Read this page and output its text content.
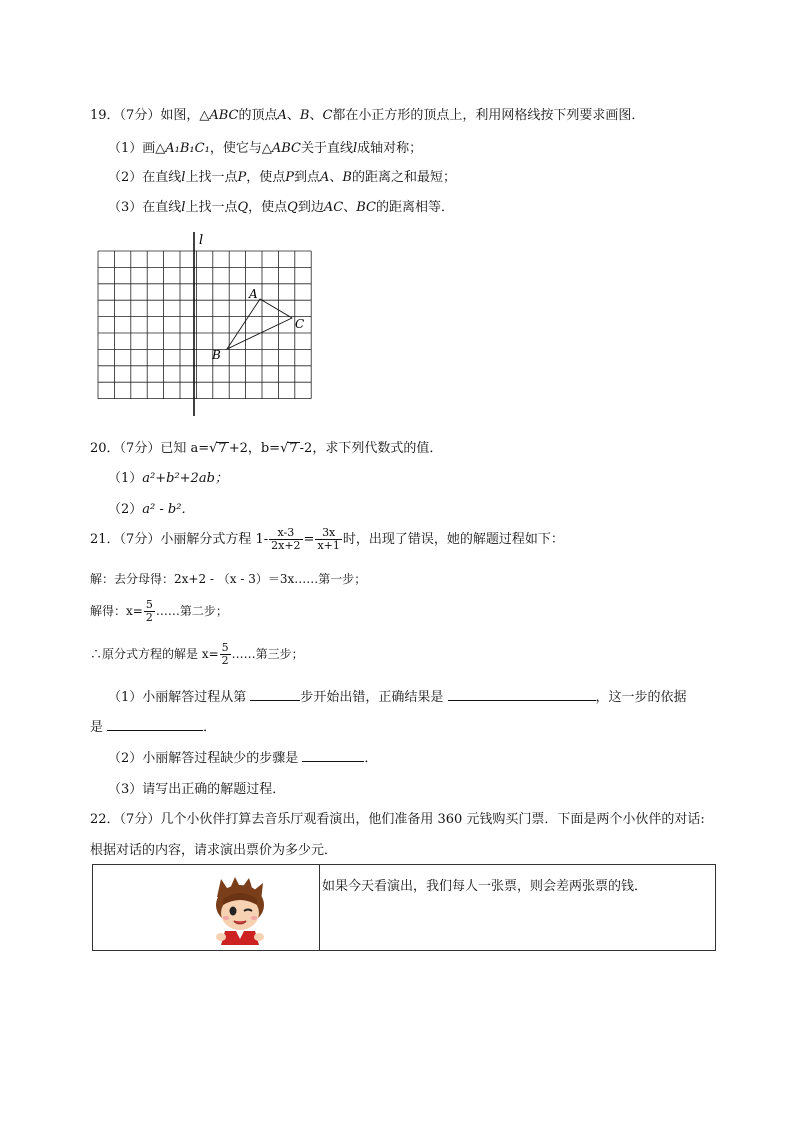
19．（7分）如图，△ABC的顶点A、B、C都在小正方形的顶点上，利用网格线按下列要求画图．
（1）画△A₁B₁C₁，使它与△ABC关于直线l成轴对称；
（2）在直线l上找一点P，使点P到点A、B的距离之和最短；
（3）在直线l上找一点Q，使点Q到边AC、BC的距离相等．
l
A
C
B
20．（7分）已知 a=√7 +2，b=√7 -2，求下列代数式的值．
（1）a²+b²+2ab；
（2）a² - b²．
21．（7分）小丽解分式方程 $1- \frac{x-3}{2x+2} = \frac{3x}{x+1}$ 时，出现了错误，她的解题过程如下：
解：去分母得：2x+2 - （x - 3）＝3x……第一步；
解得：$x= \frac{5}{2}$ ……第二步；
∴原分式方程的解是 $x= \frac{5}{2}$ ……第三步；
（1）小丽解答过程从第	步开始出错，正确结果是	，这一步的依据
是	．
（2）小丽解答过程缺少的步骤是	．
（3）请写出正确的解题过程．
22．（7分）几个小伙伴打算去音乐厅观看演出，他们准备用 360 元钱购买门票．下面是两个小伙伴的对话:
根据对话的内容，请求演出票价为多少元．

如果今天看演出，我们每人一张票，则会差两张票的钱．
